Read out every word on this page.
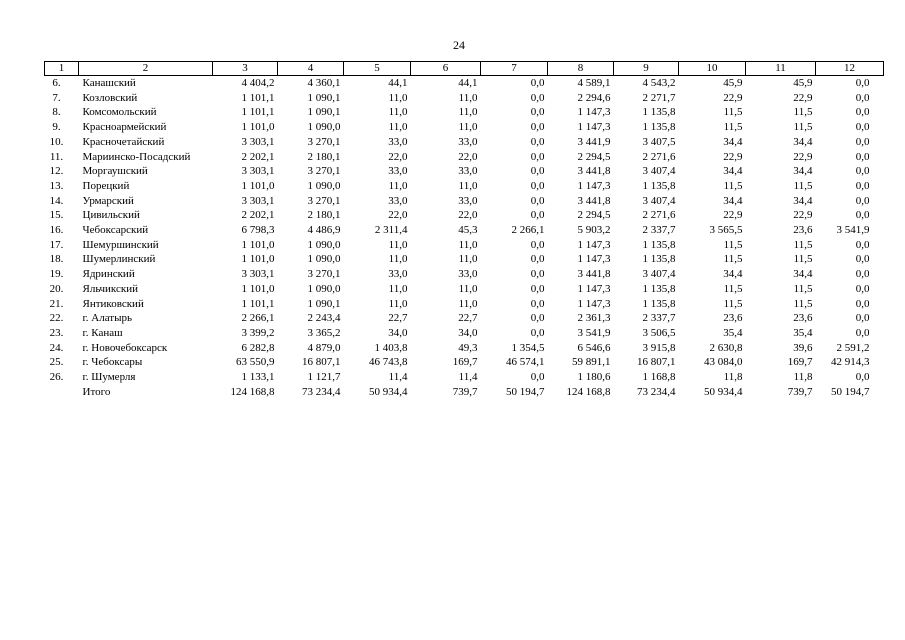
24
1	2	3	4	5	6	7	8	9	10	11	12
6.	Канашский	4 404,2	4 360,1	44,1	44,1	0,0	4 589,1	4 543,2	45,9	45,9	0,0
7.	Козловский	1 101,1	1 090,1	11,0	11,0	0,0	2 294,6	2 271,7	22,9	22,9	0,0
8.	Комсомольский	1 101,1	1 090,1	11,0	11,0	0,0	1 147,3	1 135,8	11,5	11,5	0,0
9.	Красноармейский	1 101,0	1 090,0	11,0	11,0	0,0	1 147,3	1 135,8	11,5	11,5	0,0
10.	Красночетайский	3 303,1	3 270,1	33,0	33,0	0,0	3 441,9	3 407,5	34,4	34,4	0,0
11.	Мариинско-Посадский	2 202,1	2 180,1	22,0	22,0	0,0	2 294,5	2 271,6	22,9	22,9	0,0
12.	Моргаушский	3 303,1	3 270,1	33,0	33,0	0,0	3 441,8	3 407,4	34,4	34,4	0,0
13.	Порецкий	1 101,0	1 090,0	11,0	11,0	0,0	1 147,3	1 135,8	11,5	11,5	0,0
14.	Урмарский	3 303,1	3 270,1	33,0	33,0	0,0	3 441,8	3 407,4	34,4	34,4	0,0
15.	Цивильский	2 202,1	2 180,1	22,0	22,0	0,0	2 294,5	2 271,6	22,9	22,9	0,0
16.	Чебоксарский	6 798,3	4 486,9	2 311,4	45,3	2 266,1	5 903,2	2 337,7	3 565,5	23,6	3 541,9
17.	Шемуршинский	1 101,0	1 090,0	11,0	11,0	0,0	1 147,3	1 135,8	11,5	11,5	0,0
18.	Шумерлинский	1 101,0	1 090,0	11,0	11,0	0,0	1 147,3	1 135,8	11,5	11,5	0,0
19.	Ядринский	3 303,1	3 270,1	33,0	33,0	0,0	3 441,8	3 407,4	34,4	34,4	0,0
20.	Яльчикский	1 101,0	1 090,0	11,0	11,0	0,0	1 147,3	1 135,8	11,5	11,5	0,0
21.	Янтиковский	1 101,1	1 090,1	11,0	11,0	0,0	1 147,3	1 135,8	11,5	11,5	0,0
22.	г. Алатырь	2 266,1	2 243,4	22,7	22,7	0,0	2 361,3	2 337,7	23,6	23,6	0,0
23.	г. Канаш	3 399,2	3 365,2	34,0	34,0	0,0	3 541,9	3 506,5	35,4	35,4	0,0
24.	г. Новочебоксарск	6 282,8	4 879,0	1 403,8	49,3	1 354,5	6 546,6	3 915,8	2 630,8	39,6	2 591,2
25.	г. Чебоксары	63 550,9	16 807,1	46 743,8	169,7	46 574,1	59 891,1	16 807,1	43 084,0	169,7	42 914,3
26.	г. Шумерля	1 133,1	1 121,7	11,4	11,4	0,0	1 180,6	1 168,8	11,8	11,8	0,0
	Итого	124 168,8	73 234,4	50 934,4	739,7	50 194,7	124 168,8	73 234,4	50 934,4	739,7	50 194,7
